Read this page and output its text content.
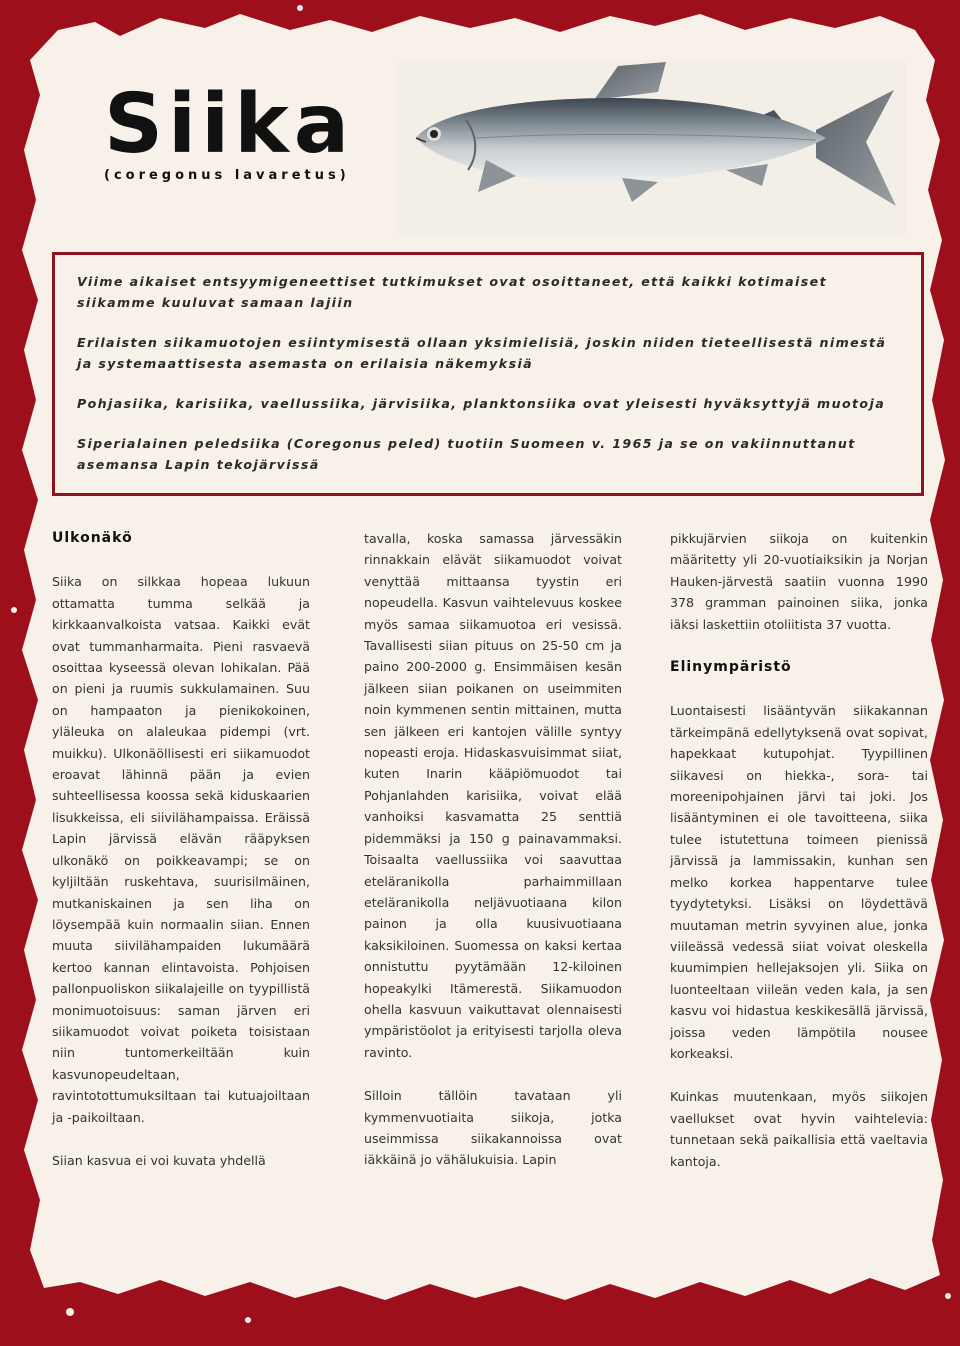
Siika
(coregonus lavaretus)

Viime aikaiset entsyymigeneettiset tutkimukset ovat osoittaneet, että kaikki kotimaiset siikamme kuuluvat samaan lajiin

Erilaisten siikamuotojen esiintymisestä ollaan yksimielisiä, joskin niiden tieteellisestä nimestä ja systemaattisesta asemasta on erilaisia näkemyksiä

Pohjasiika, karisiika, vaellussiika, järvisiika, planktonsiika ovat yleisesti hyväksyttyjä muotoja

Siperialainen peledsiika (Coregonus peled) tuotiin Suomeen v. 1965 ja se on vakiinnuttanut asemansa Lapin tekojärvissä

Ulkonäkö

Siika on silkkaa hopeaa lukuun ottamatta tumma selkää ja kirkkaanvalkoista vatsaa. Kaikki evät ovat tummanharmaita. Pieni rasvaevä osoittaa kyseessä olevan lohikalan. Pää on pieni ja ruumis sukkulamainen. Suu on hampaaton ja pienikokoinen, yläleuka on alaleukaa pidempi (vrt. muikku). Ulkonäöllisesti eri siikamuodot eroavat lähinnä pään ja evien suhteellisessa koossa sekä kiduskaarien lisukkeissa, eli siivilähampaissa. Eräissä Lapin järvissä elävän rääpyksen ulkonäkö on poikkeavampi; se on kyljiltään ruskehtava, suurisilmäinen, mutkaniskainen ja sen liha on löysempää kuin normaalin siian. Ennen muuta siivilähampaiden lukumäärä kertoo kannan elintavoista. Pohjoisen pallonpuoliskon siikalajeille on tyypillistä monimuotoisuus: saman järven eri siikamuodot voivat poiketa toisistaan niin tuntomerkeiltään kuin kasvunopeudeltaan, ravintotottumuksiltaan tai kutuajoiltaan ja -paikoiltaan.

Siian kasvua ei voi kuvata yhdellä

tavalla, koska samassa järvessäkin rinnakkain elävät siikamuodot voivat venyttää mittaansa tyystin eri nopeudella. Kasvun vaihtelevuus koskee myös samaa siikamuotoa eri vesissä. Tavallisesti siian pituus on 25-50 cm ja paino 200-2000 g. Ensimmäisen kesän jälkeen siian poikanen on useimmiten noin kymmenen sentin mittainen, mutta sen jälkeen eri kantojen välille syntyy nopeasti eroja. Hidaskasvuisimmat siiat, kuten Inarin kääpiömuodot tai Pohjanlahden karisiika, voivat elää vanhoiksi kasvamatta 25 senttiä pidemmäksi ja 150 g painavammaksi. Toisaalta vaellussiika voi saavuttaa eteläranikolla parhaimmillaan eteläranikolla neljävuotiaana kilon painon ja olla kuusivuotiaana kaksikiloinen. Suomessa on kaksi kertaa onnistuttu pyytämään 12-kiloinen hopeakylki Itämerestä. Siikamuodon ohella kasvuun vaikuttavat olennaisesti ympäristöolot ja erityisesti tarjolla oleva ravinto.

Silloin tällöin tavataan yli kymmenvuotiaita siikoja, jotka useimmissa siikakannoissa ovat iäkkäinä jo vähälukuisia. Lapin

pikkujärvien siikoja on kuitenkin määritetty yli 20-vuotiaiksikin ja Norjan Hauken-järvestä saatiin vuonna 1990 378 gramman painoinen siika, jonka iäksi laskettiin otoliitista 37 vuotta.

Elinympäristö

Luontaisesti lisääntyvän siikakannan tärkeimpänä edellytyksenä ovat sopivat, hapekkaat kutupohjat. Tyypillinen siikavesi on hiekka-, sora- tai moreenipohjainen järvi tai joki. Jos lisääntyminen ei ole tavoitteena, siika tulee istutettuna toimeen pienissä järvissä ja lammissakin, kunhan sen melko korkea happentarve tulee tyydytetyksi. Lisäksi on löydettävä muutaman metrin syvyinen alue, jonka viileässä vedessä siiat voivat oleskella kuumimpien hellejaksojen yli. Siika on luonteeltaan viileän veden kala, ja sen kasvu voi hidastua keskikesällä järvissä, joissa veden lämpötila nousee korkeaksi.

Kuinkas muutenkaan, myös siikojen vaellukset ovat hyvin vaihtelevia: tunnetaan sekä paikallisia että vaeltavia kantoja.
